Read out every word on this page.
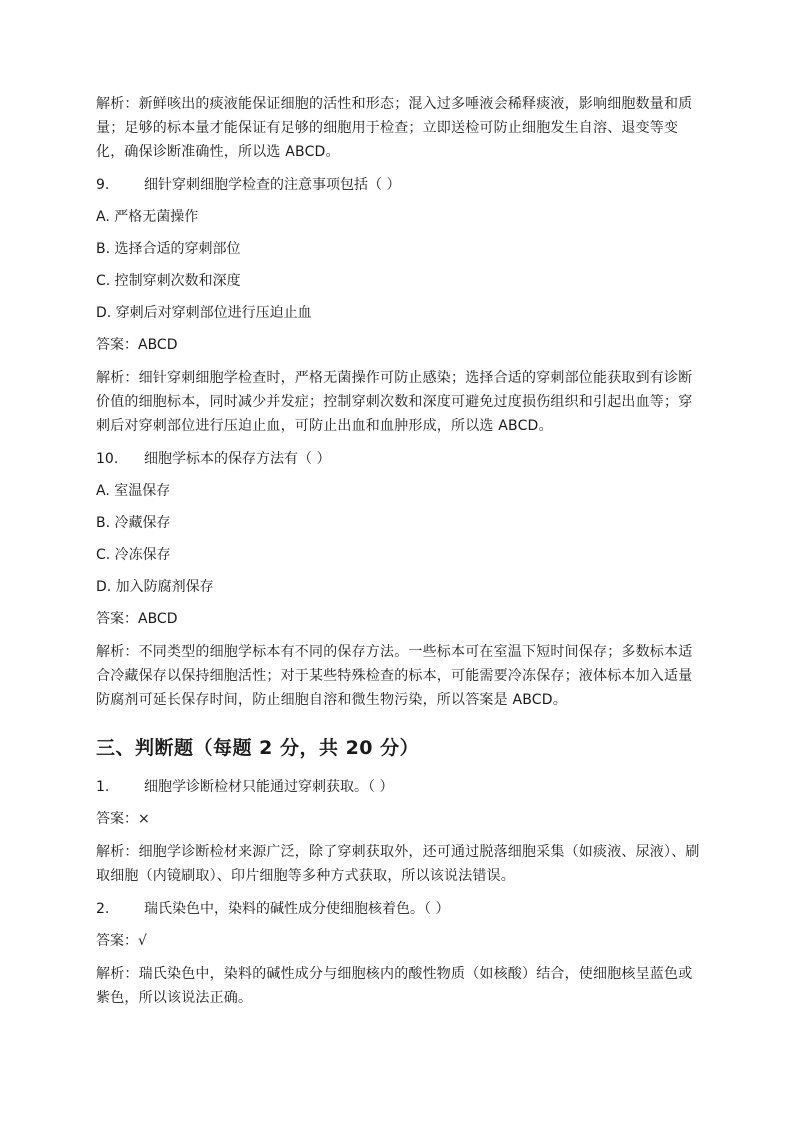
解析：新鲜咳出的痰液能保证细胞的活性和形态；混入过多唾液会稀释痰液，影响细胞数量和质量；足够的标本量才能保证有足够的细胞用于检查；立即送检可防止细胞发生自溶、退变等变化，确保诊断准确性，所以选 ABCD。

9.	细针穿刺细胞学检查的注意事项包括（ ）

A. 严格无菌操作

B. 选择合适的穿刺部位

C. 控制穿刺次数和深度

D. 穿刺后对穿刺部位进行压迫止血

答案：ABCD

解析：细针穿刺细胞学检查时，严格无菌操作可防止感染；选择合适的穿刺部位能获取到有诊断价值的细胞标本，同时减少并发症；控制穿刺次数和深度可避免过度损伤组织和引起出血等；穿刺后对穿刺部位进行压迫止血，可防止出血和血肿形成，所以选 ABCD。

10.	细胞学标本的保存方法有（ ）

A. 室温保存

B. 冷藏保存

C. 冷冻保存

D. 加入防腐剂保存

答案：ABCD

解析：不同类型的细胞学标本有不同的保存方法。一些标本可在室温下短时间保存；多数标本适合冷藏保存以保持细胞活性；对于某些特殊检查的标本，可能需要冷冻保存；液体标本加入适量防腐剂可延长保存时间，防止细胞自溶和微生物污染，所以答案是 ABCD。

三、判断题（每题 2 分，共 20 分）
1.	细胞学诊断检材只能通过穿刺获取。（ ）

答案：×

解析：细胞学诊断检材来源广泛，除了穿刺获取外，还可通过脱落细胞采集（如痰液、尿液）、刷取细胞（内镜刷取）、印片细胞等多种方式获取，所以该说法错误。

2.	瑞氏染色中，染料的碱性成分使细胞核着色。（ ）

答案：√

解析：瑞氏染色中，染料的碱性成分与细胞核内的酸性物质（如核酸）结合，使细胞核呈蓝色或紫色，所以该说法正确。
